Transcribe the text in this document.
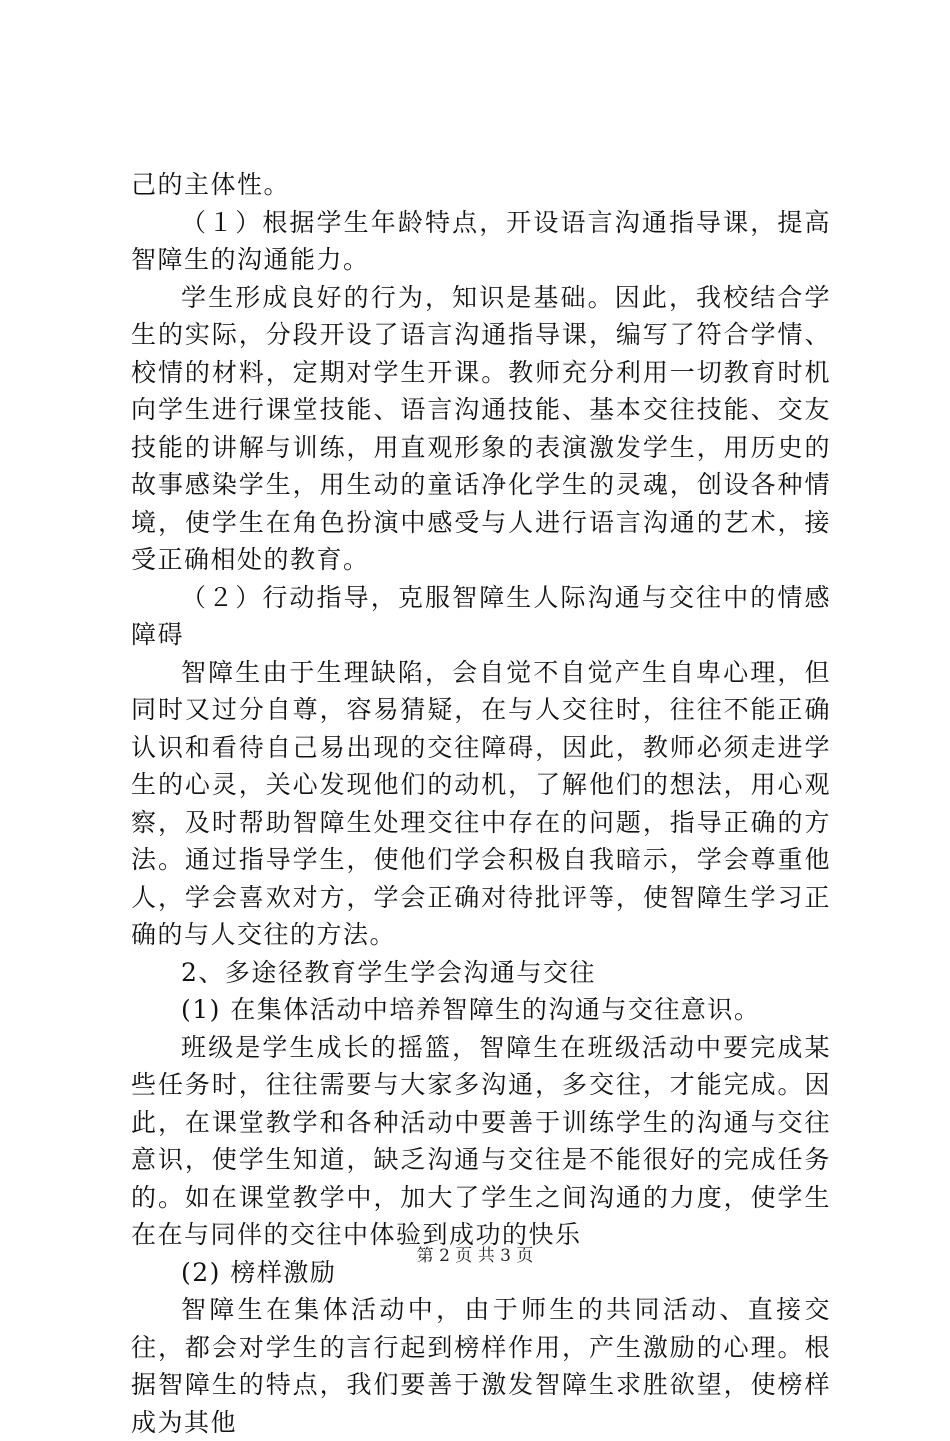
己的主体性。

（１）根据学生年龄特点，开设语言沟通指导课，提高智障生的沟通能力。

学生形成良好的行为，知识是基础。因此，我校结合学生的实际，分段开设了语言沟通指导课，编写了符合学情、校情的材料，定期对学生开课。教师充分利用一切教育时机向学生进行课堂技能、语言沟通技能、基本交往技能、交友技能的讲解与训练，用直观形象的表演激发学生，用历史的故事感染学生，用生动的童话净化学生的灵魂，创设各种情境，使学生在角色扮演中感受与人进行语言沟通的艺术，接受正确相处的教育。

（２）行动指导，克服智障生人际沟通与交往中的情感障碍

智障生由于生理缺陷，会自觉不自觉产生自卑心理，但同时又过分自尊，容易猜疑，在与人交往时，往往不能正确认识和看待自己易出现的交往障碍，因此，教师必须走进学生的心灵，关心发现他们的动机，了解他们的想法，用心观察，及时帮助智障生处理交往中存在的问题，指导正确的方法。通过指导学生，使他们学会积极自我暗示，学会尊重他人，学会喜欢对方，学会正确对待批评等，使智障生学习正确的与人交往的方法。

2、多途径教育学生学会沟通与交往

(1) 在集体活动中培养智障生的沟通与交往意识。

班级是学生成长的摇篮，智障生在班级活动中要完成某些任务时，往往需要与大家多沟通，多交往，才能完成。因此，在课堂教学和各种活动中要善于训练学生的沟通与交往意识，使学生知道，缺乏沟通与交往是不能很好的完成任务的。如在课堂教学中，加大了学生之间沟通的力度，使学生在在与同伴的交往中体验到成功的快乐

(2) 榜样激励

智障生在集体活动中，由于师生的共同活动、直接交往，都会对学生的言行起到榜样作用，产生激励的心理。根据智障生的特点，我们要善于激发智障生求胜欲望，使榜样成为其他

第 2 页 共 3 页
